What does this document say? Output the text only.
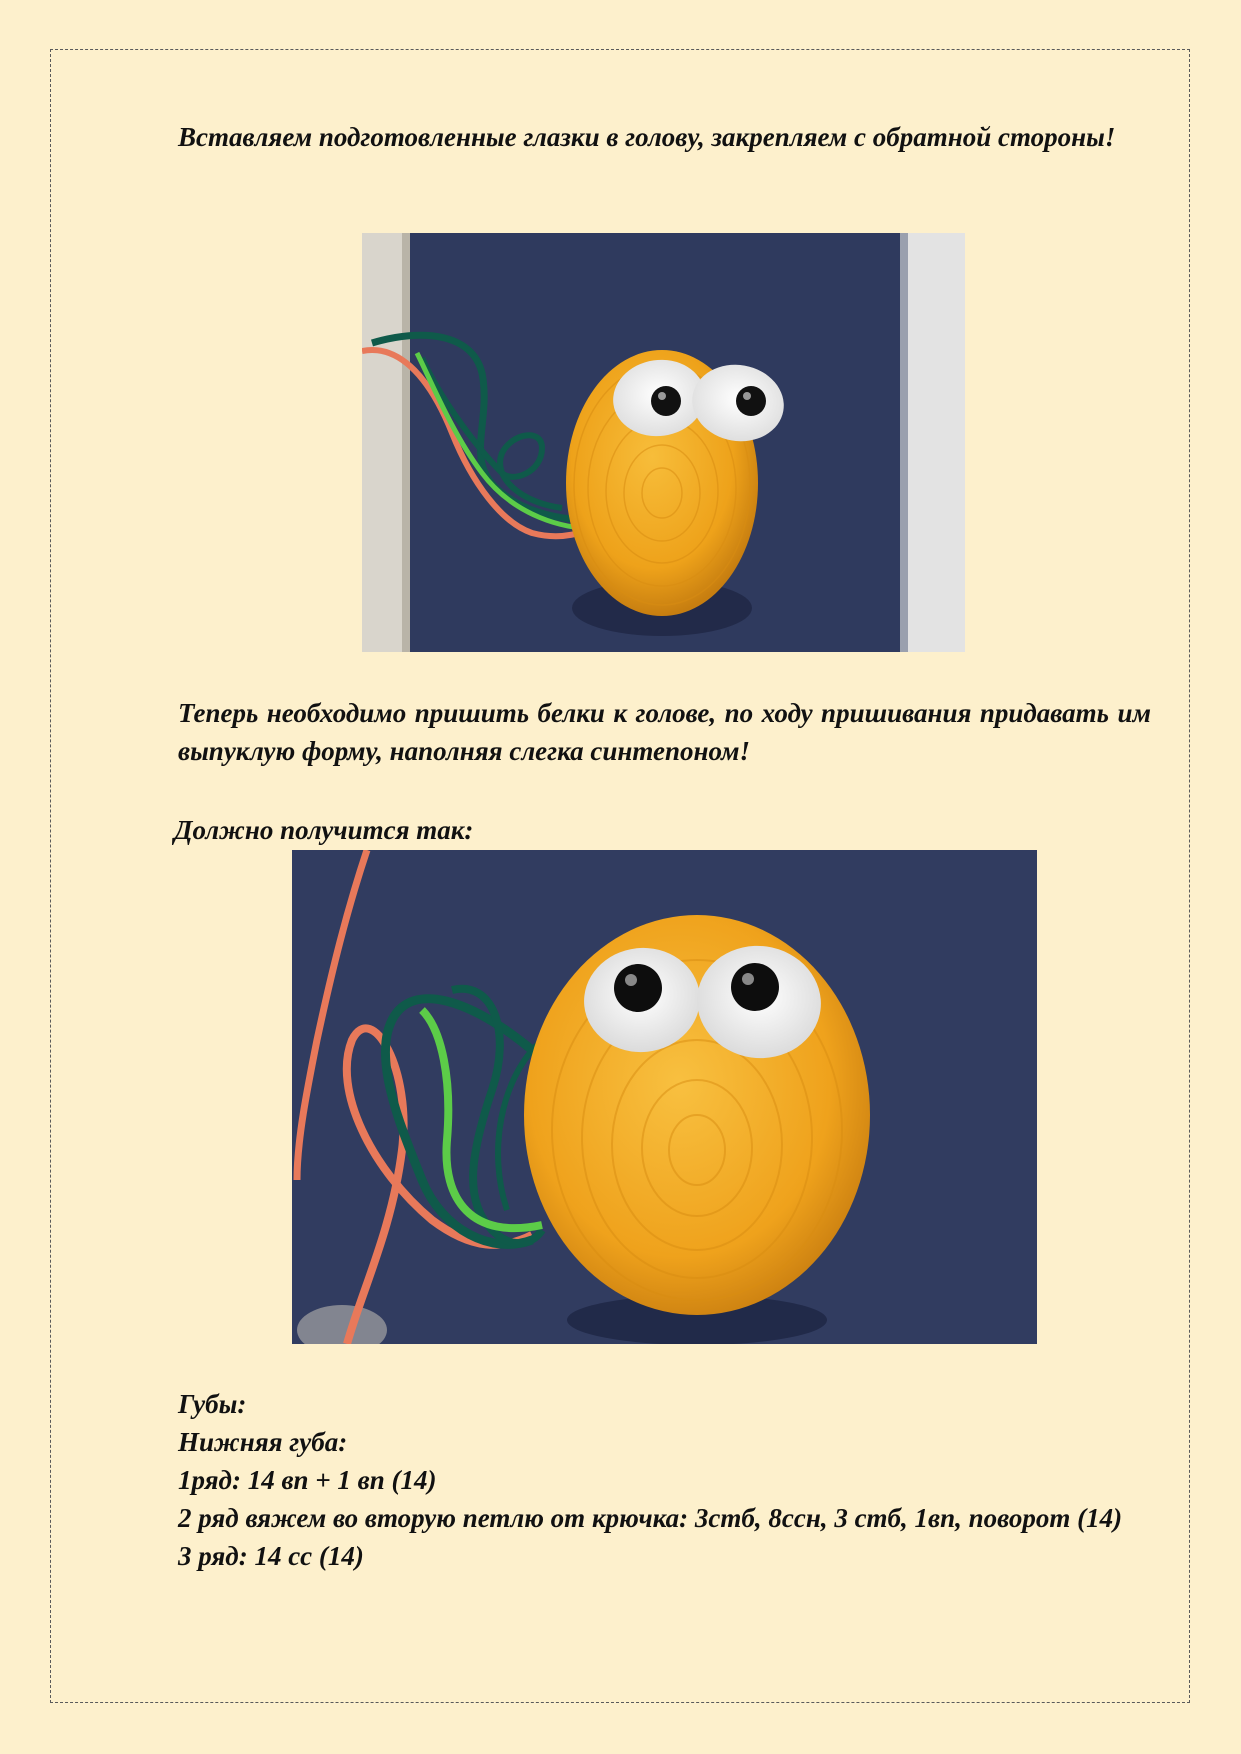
Вставляем подготовленные глазки в голову, закрепляем с обратной стороны!

Теперь необходимо пришить белки к голове, по ходу пришивания придавать им выпуклую форму, наполняя слегка синтепоном!

Должно получится так:

Губы:
Нижняя губа:
1ряд: 14 вп + 1 вп (14)
2 ряд вяжем во вторую петлю от крючка: 3стб, 8ссн, 3 стб, 1вп, поворот (14)
3 ряд: 14 сс (14)
